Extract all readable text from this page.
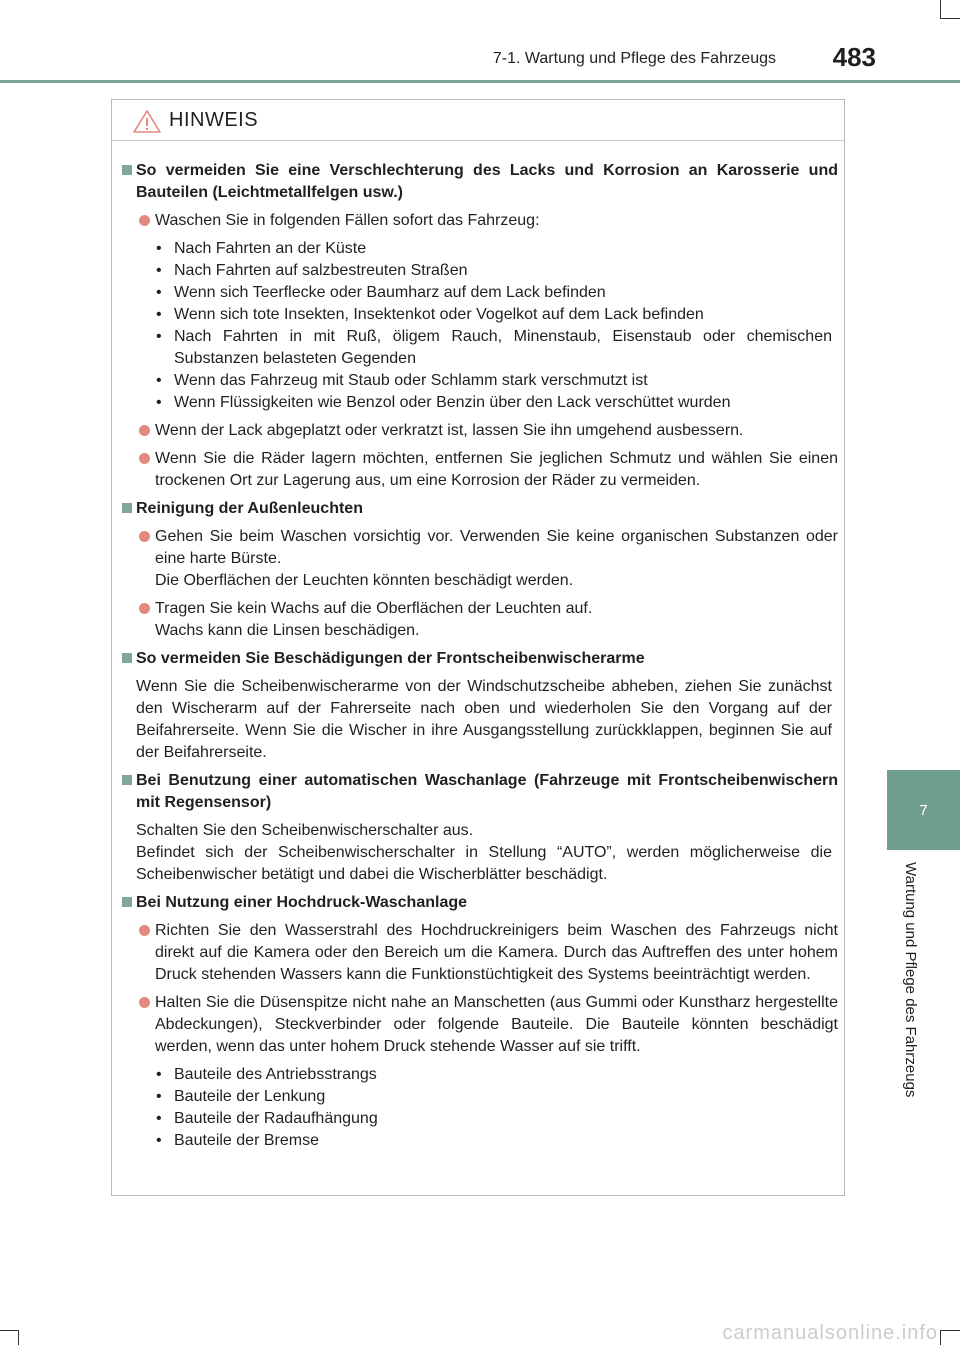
7-1. Wartung und Pflege des Fahrzeugs 483
7
Wartung und Pflege des Fahrzeugs
HINWEIS
So vermeiden Sie eine Verschlechterung des Lacks und Korrosion an Karosserie und Bauteilen (Leichtmetallfelgen usw.)
Waschen Sie in folgenden Fällen sofort das Fahrzeug:
• Nach Fahrten an der Küste
• Nach Fahrten auf salzbestreuten Straßen
• Wenn sich Teerflecke oder Baumharz auf dem Lack befinden
• Wenn sich tote Insekten, Insektenkot oder Vogelkot auf dem Lack befinden
• Nach Fahrten in mit Ruß, öligem Rauch, Minenstaub, Eisenstaub oder chemischen Substanzen belasteten Gegenden
• Wenn das Fahrzeug mit Staub oder Schlamm stark verschmutzt ist
• Wenn Flüssigkeiten wie Benzol oder Benzin über den Lack verschüttet wurden
Wenn der Lack abgeplatzt oder verkratzt ist, lassen Sie ihn umgehend ausbessern.
Wenn Sie die Räder lagern möchten, entfernen Sie jeglichen Schmutz und wählen Sie einen trockenen Ort zur Lagerung aus, um eine Korrosion der Räder zu vermeiden.
Reinigung der Außenleuchten
Gehen Sie beim Waschen vorsichtig vor. Verwenden Sie keine organischen Substanzen oder eine harte Bürste.
Die Oberflächen der Leuchten könnten beschädigt werden.
Tragen Sie kein Wachs auf die Oberflächen der Leuchten auf.
Wachs kann die Linsen beschädigen.
So vermeiden Sie Beschädigungen der Frontscheibenwischerarme
Wenn Sie die Scheibenwischerarme von der Windschutzscheibe abheben, ziehen Sie zunächst den Wischerarm auf der Fahrerseite nach oben und wiederholen Sie den Vorgang auf der Beifahrerseite. Wenn Sie die Wischer in ihre Ausgangsstellung zurückklappen, beginnen Sie auf der Beifahrerseite.
Bei Benutzung einer automatischen Waschanlage (Fahrzeuge mit Frontscheibenwischern mit Regensensor)
Schalten Sie den Scheibenwischerschalter aus.
Befindet sich der Scheibenwischerschalter in Stellung “AUTO”, werden möglicherweise die Scheibenwischer betätigt und dabei die Wischerblätter beschädigt.
Bei Nutzung einer Hochdruck-Waschanlage
Richten Sie den Wasserstrahl des Hochdruckreinigers beim Waschen des Fahrzeugs nicht direkt auf die Kamera oder den Bereich um die Kamera. Durch das Auftreffen des unter hohem Druck stehenden Wassers kann die Funktionstüchtigkeit des Systems beeinträchtigt werden.
Halten Sie die Düsenspitze nicht nahe an Manschetten (aus Gummi oder Kunstharz hergestellte Abdeckungen), Steckverbinder oder folgende Bauteile. Die Bauteile könnten beschädigt werden, wenn das unter hohem Druck stehende Wasser auf sie trifft.
• Bauteile des Antriebsstrangs
• Bauteile der Lenkung
• Bauteile der Radaufhängung
• Bauteile der Bremse
carmanualsonline.info
